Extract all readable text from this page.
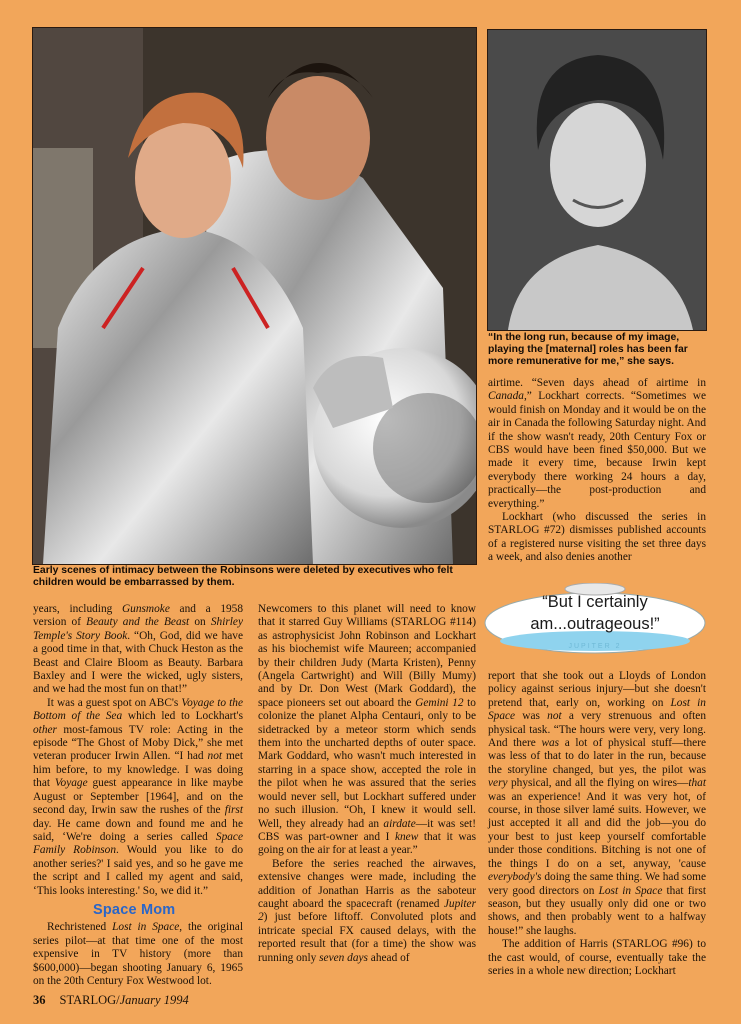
“In the long run, because of my image, playing the [maternal] roles has been far more remunerative for me,” she says.
Early scenes of intimacy between the Robinsons were deleted by executives who felt children would be embarrassed by them.

years, including Gunsmoke and a 1958 version of Beauty and the Beast on Shirley Temple's Story Book. “Oh, God, did we have a good time in that, with Chuck Heston as the Beast and Claire Bloom as Beauty. Barbara Baxley and I were the wicked, ugly sisters, and we had the most fun on that!”

It was a guest spot on ABC's Voyage to the Bottom of the Sea which led to Lockhart's other most-famous TV role: Acting in the episode “The Ghost of Moby Dick,” she met veteran producer Irwin Allen. “I had not met him before, to my knowledge. I was doing that Voyage guest appearance in like maybe August or September [1964], and on the second day, Irwin saw the rushes of the first day. He came down and found me and he said, ‘We're doing a series called Space Family Robinson. Would you like to do another series?' I said yes, and so he gave me the script and I called my agent and said, ‘This looks interesting.' So, we did it.”

Space Mom

Rechristened Lost in Space, the original series pilot—at that time one of the most expensive in TV history (more than $600,000)—began shooting January 6, 1965 on the 20th Century Fox Westwood lot.

Newcomers to this planet will need to know that it starred Guy Williams (STARLOG #114) as astrophysicist John Robinson and Lockhart as his biochemist wife Maureen; accompanied by their children Judy (Marta Kristen), Penny (Angela Cartwright) and Will (Billy Mumy) and by Dr. Don West (Mark Goddard), the space pioneers set out aboard the Gemini 12 to colonize the planet Alpha Centauri, only to be sidetracked by a meteor storm which sends them into the uncharted depths of outer space. Mark Goddard, who wasn't much interested in starring in a space show, accepted the role in the pilot when he was assured that the series would never sell, but Lockhart suffered under no such illusion. “Oh, I knew it would sell. Well, they already had an airdate—it was set! CBS was part-owner and I knew that it was going on the air for at least a year.”

Before the series reached the airwaves, extensive changes were made, including the addition of Jonathan Harris as the saboteur caught aboard the spacecraft (renamed Jupiter 2) just before liftoff. Convoluted plots and intricate special FX caused delays, with the reported result that (for a time) the show was running only seven days ahead of

airtime. “Seven days ahead of airtime in Canada,” Lockhart corrects. “Sometimes we would finish on Monday and it would be on the air in Canada the following Saturday night. And if the show wasn't ready, 20th Century Fox or CBS would have been fined $50,000. But we made it every time, because Irwin kept everybody there working 24 hours a day, practically—the post-production and everything.”

Lockhart (who discussed the series in STARLOG #72) dismisses published accounts of a registered nurse visiting the set three days a week, and also denies another

“But I certainly am...outrageous!”
JUPITER 2

report that she took out a Lloyds of London policy against serious injury—but she doesn't pretend that, early on, working on Lost in Space was not a very strenuous and often physical task. “The hours were very, very long. And there was a lot of physical stuff—there was less of that to do later in the run, because the storyline changed, but yes, the pilot was very physical, and all the flying on wires—that was an experience! And it was very hot, of course, in those silver lamé suits. However, we just accepted it all and did the job—you do your best to just keep yourself comfortable under those conditions. Bitching is not one of the things I do on a set, anyway, 'cause everybody's doing the same thing. We had some very good directors on Lost in Space that first season, but they usually only did one or two shows, and then probably went to a halfway house!” she laughs.

The addition of Harris (STARLOG #96) to the cast would, of course, eventually take the series in a whole new direction; Lockhart

36 STARLOG/January 1994
